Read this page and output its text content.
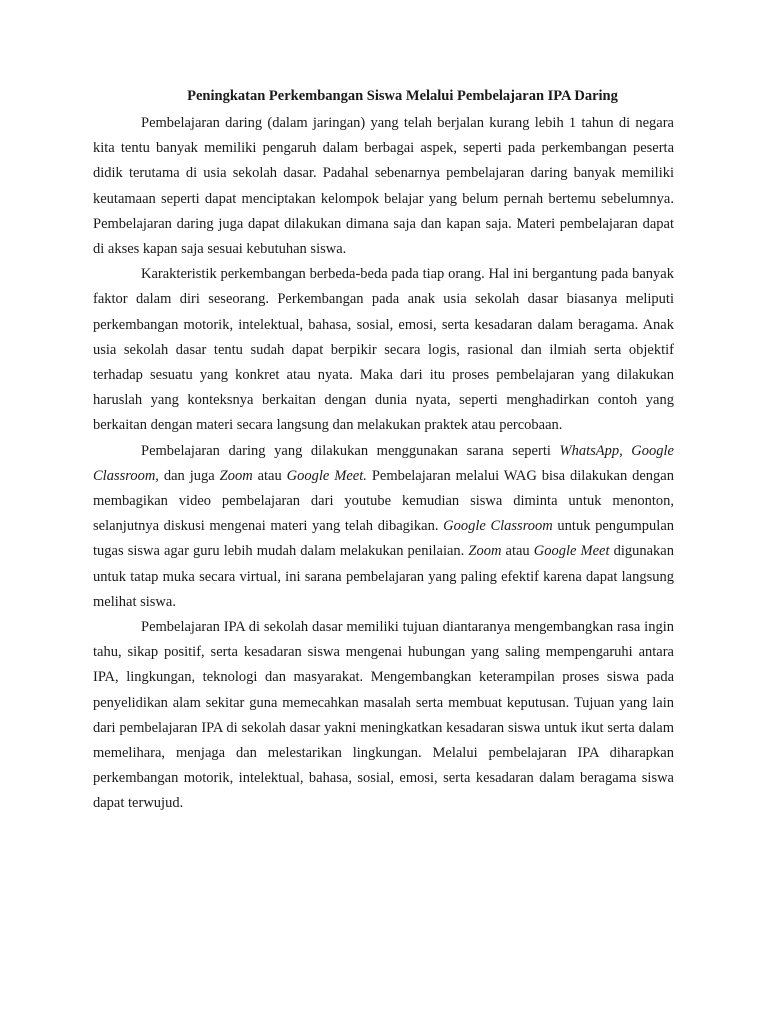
Peningkatan Perkembangan Siswa Melalui Pembelajaran IPA Daring

Pembelajaran daring (dalam jaringan) yang telah berjalan kurang lebih 1 tahun di negara kita tentu banyak memiliki pengaruh dalam berbagai aspek, seperti pada perkembangan peserta didik terutama di usia sekolah dasar. Padahal sebenarnya pembelajaran daring banyak memiliki keutamaan seperti dapat menciptakan kelompok belajar yang belum pernah bertemu sebelumnya. Pembelajaran daring juga dapat dilakukan dimana saja dan kapan saja. Materi pembelajaran dapat di akses kapan saja sesuai kebutuhan siswa.

Karakteristik perkembangan berbeda-beda pada tiap orang. Hal ini bergantung pada banyak faktor dalam diri seseorang. Perkembangan pada anak usia sekolah dasar biasanya meliputi perkembangan motorik, intelektual, bahasa, sosial, emosi, serta kesadaran dalam beragama. Anak usia sekolah dasar tentu sudah dapat berpikir secara logis, rasional dan ilmiah serta objektif terhadap sesuatu yang konkret atau nyata. Maka dari itu proses pembelajaran yang dilakukan haruslah yang konteksnya berkaitan dengan dunia nyata, seperti menghadirkan contoh yang berkaitan dengan materi secara langsung dan melakukan praktek atau percobaan.

Pembelajaran daring yang dilakukan menggunakan sarana seperti WhatsApp, Google Classroom, dan juga Zoom atau Google Meet. Pembelajaran melalui WAG bisa dilakukan dengan membagikan video pembelajaran dari youtube kemudian siswa diminta untuk menonton, selanjutnya diskusi mengenai materi yang telah dibagikan. Google Classroom untuk pengumpulan tugas siswa agar guru lebih mudah dalam melakukan penilaian. Zoom atau Google Meet digunakan untuk tatap muka secara virtual, ini sarana pembelajaran yang paling efektif karena dapat langsung melihat siswa.

Pembelajaran IPA di sekolah dasar memiliki tujuan diantaranya mengembangkan rasa ingin tahu, sikap positif, serta kesadaran siswa mengenai hubungan yang saling mempengaruhi antara IPA, lingkungan, teknologi dan masyarakat. Mengembangkan keterampilan proses siswa pada penyelidikan alam sekitar guna memecahkan masalah serta membuat keputusan. Tujuan yang lain dari pembelajaran IPA di sekolah dasar yakni meningkatkan kesadaran siswa untuk ikut serta dalam memelihara, menjaga dan melestarikan lingkungan. Melalui pembelajaran IPA diharapkan perkembangan motorik, intelektual, bahasa, sosial, emosi, serta kesadaran dalam beragama siswa dapat terwujud.
